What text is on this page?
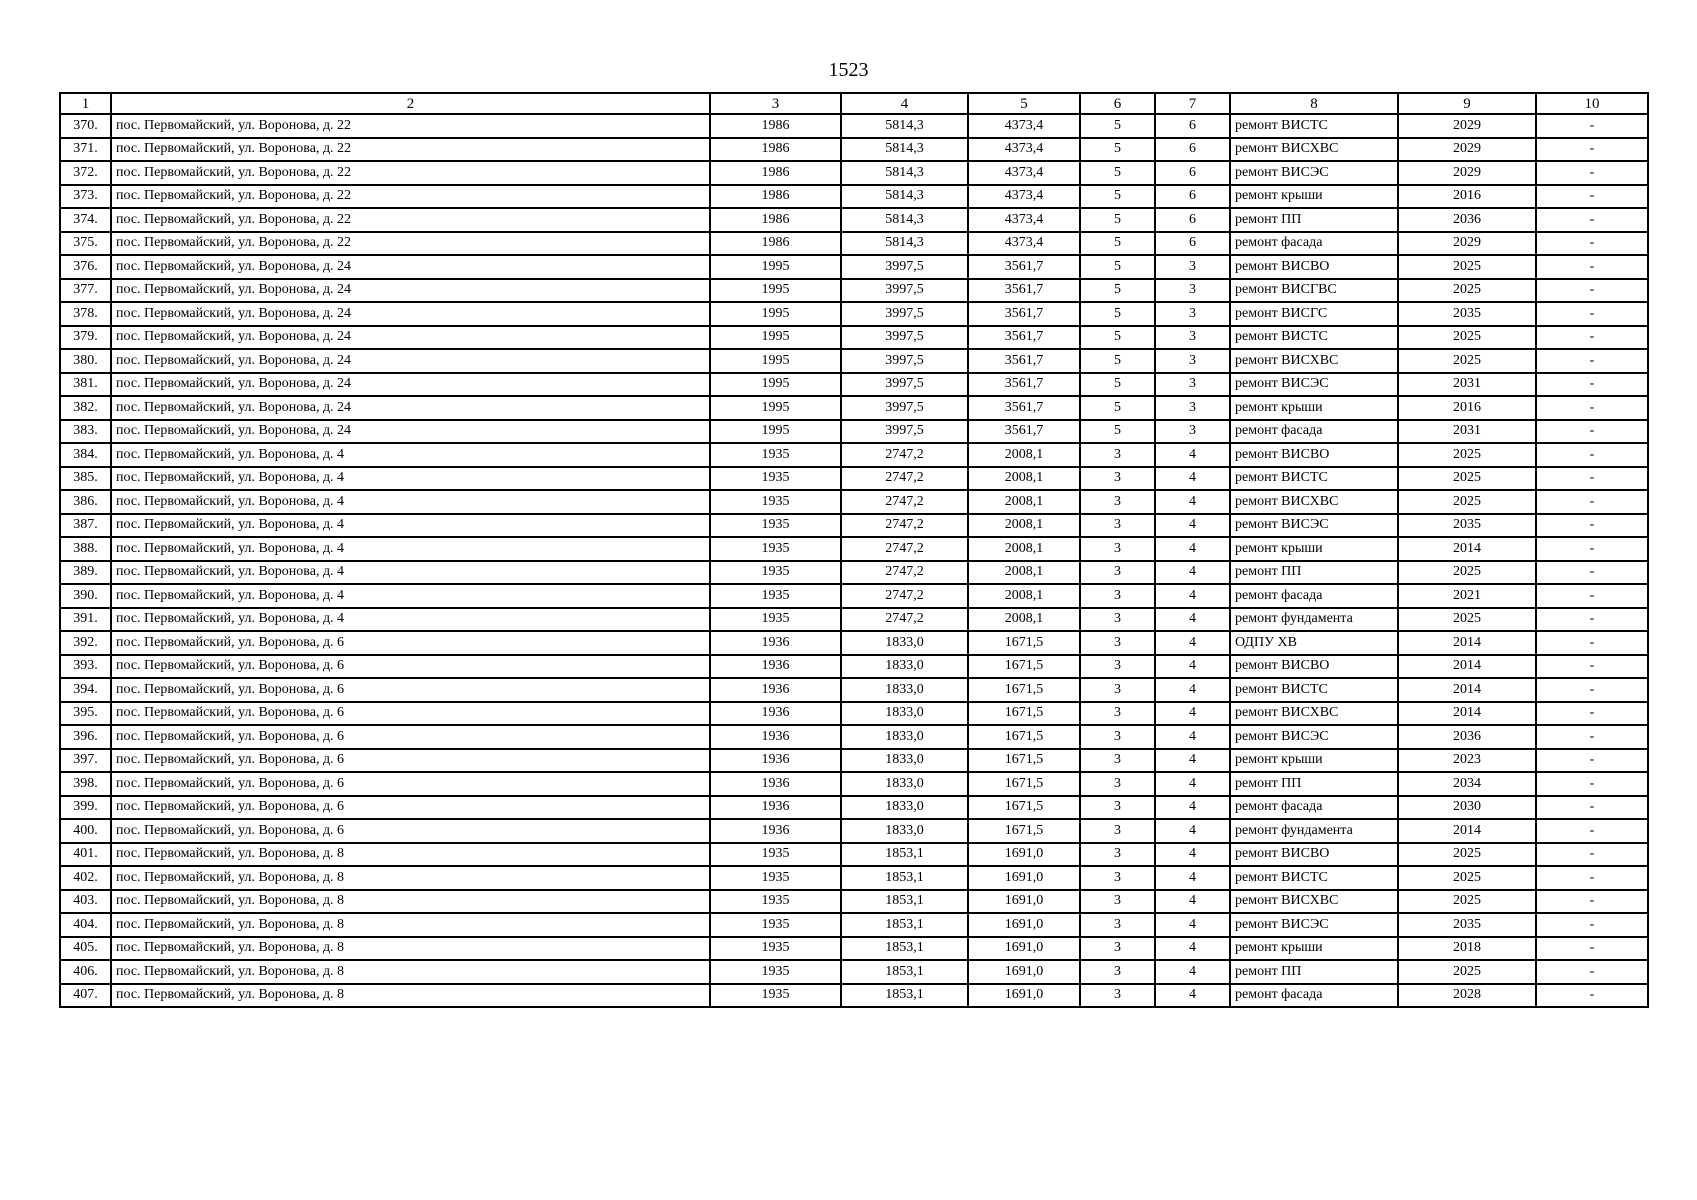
1523
1	2	3	4	5	6	7	8	9	10
370.	пос. Первомайский, ул. Воронова, д. 22	1986	5814,3	4373,4	5	6	ремонт ВИСТС	2029	-
371.	пос. Первомайский, ул. Воронова, д. 22	1986	5814,3	4373,4	5	6	ремонт ВИСХВС	2029	-
372.	пос. Первомайский, ул. Воронова, д. 22	1986	5814,3	4373,4	5	6	ремонт ВИСЭС	2029	-
373.	пос. Первомайский, ул. Воронова, д. 22	1986	5814,3	4373,4	5	6	ремонт крыши	2016	-
374.	пос. Первомайский, ул. Воронова, д. 22	1986	5814,3	4373,4	5	6	ремонт ПП	2036	-
375.	пос. Первомайский, ул. Воронова, д. 22	1986	5814,3	4373,4	5	6	ремонт фасада	2029	-
376.	пос. Первомайский, ул. Воронова, д. 24	1995	3997,5	3561,7	5	3	ремонт ВИСВО	2025	-
377.	пос. Первомайский, ул. Воронова, д. 24	1995	3997,5	3561,7	5	3	ремонт ВИСГВС	2025	-
378.	пос. Первомайский, ул. Воронова, д. 24	1995	3997,5	3561,7	5	3	ремонт ВИСГС	2035	-
379.	пос. Первомайский, ул. Воронова, д. 24	1995	3997,5	3561,7	5	3	ремонт ВИСТС	2025	-
380.	пос. Первомайский, ул. Воронова, д. 24	1995	3997,5	3561,7	5	3	ремонт ВИСХВС	2025	-
381.	пос. Первомайский, ул. Воронова, д. 24	1995	3997,5	3561,7	5	3	ремонт ВИСЭС	2031	-
382.	пос. Первомайский, ул. Воронова, д. 24	1995	3997,5	3561,7	5	3	ремонт крыши	2016	-
383.	пос. Первомайский, ул. Воронова, д. 24	1995	3997,5	3561,7	5	3	ремонт фасада	2031	-
384.	пос. Первомайский, ул. Воронова, д. 4	1935	2747,2	2008,1	3	4	ремонт ВИСВО	2025	-
385.	пос. Первомайский, ул. Воронова, д. 4	1935	2747,2	2008,1	3	4	ремонт ВИСТС	2025	-
386.	пос. Первомайский, ул. Воронова, д. 4	1935	2747,2	2008,1	3	4	ремонт ВИСХВС	2025	-
387.	пос. Первомайский, ул. Воронова, д. 4	1935	2747,2	2008,1	3	4	ремонт ВИСЭС	2035	-
388.	пос. Первомайский, ул. Воронова, д. 4	1935	2747,2	2008,1	3	4	ремонт крыши	2014	-
389.	пос. Первомайский, ул. Воронова, д. 4	1935	2747,2	2008,1	3	4	ремонт ПП	2025	-
390.	пос. Первомайский, ул. Воронова, д. 4	1935	2747,2	2008,1	3	4	ремонт фасада	2021	-
391.	пос. Первомайский, ул. Воронова, д. 4	1935	2747,2	2008,1	3	4	ремонт фундамента	2025	-
392.	пос. Первомайский, ул. Воронова, д. 6	1936	1833,0	1671,5	3	4	ОДПУ ХВ	2014	-
393.	пос. Первомайский, ул. Воронова, д. 6	1936	1833,0	1671,5	3	4	ремонт ВИСВО	2014	-
394.	пос. Первомайский, ул. Воронова, д. 6	1936	1833,0	1671,5	3	4	ремонт ВИСТС	2014	-
395.	пос. Первомайский, ул. Воронова, д. 6	1936	1833,0	1671,5	3	4	ремонт ВИСХВС	2014	-
396.	пос. Первомайский, ул. Воронова, д. 6	1936	1833,0	1671,5	3	4	ремонт ВИСЭС	2036	-
397.	пос. Первомайский, ул. Воронова, д. 6	1936	1833,0	1671,5	3	4	ремонт крыши	2023	-
398.	пос. Первомайский, ул. Воронова, д. 6	1936	1833,0	1671,5	3	4	ремонт ПП	2034	-
399.	пос. Первомайский, ул. Воронова, д. 6	1936	1833,0	1671,5	3	4	ремонт фасада	2030	-
400.	пос. Первомайский, ул. Воронова, д. 6	1936	1833,0	1671,5	3	4	ремонт фундамента	2014	-
401.	пос. Первомайский, ул. Воронова, д. 8	1935	1853,1	1691,0	3	4	ремонт ВИСВО	2025	-
402.	пос. Первомайский, ул. Воронова, д. 8	1935	1853,1	1691,0	3	4	ремонт ВИСТС	2025	-
403.	пос. Первомайский, ул. Воронова, д. 8	1935	1853,1	1691,0	3	4	ремонт ВИСХВС	2025	-
404.	пос. Первомайский, ул. Воронова, д. 8	1935	1853,1	1691,0	3	4	ремонт ВИСЭС	2035	-
405.	пос. Первомайский, ул. Воронова, д. 8	1935	1853,1	1691,0	3	4	ремонт крыши	2018	-
406.	пос. Первомайский, ул. Воронова, д. 8	1935	1853,1	1691,0	3	4	ремонт ПП	2025	-
407.	пос. Первомайский, ул. Воронова, д. 8	1935	1853,1	1691,0	3	4	ремонт фасада	2028	-
